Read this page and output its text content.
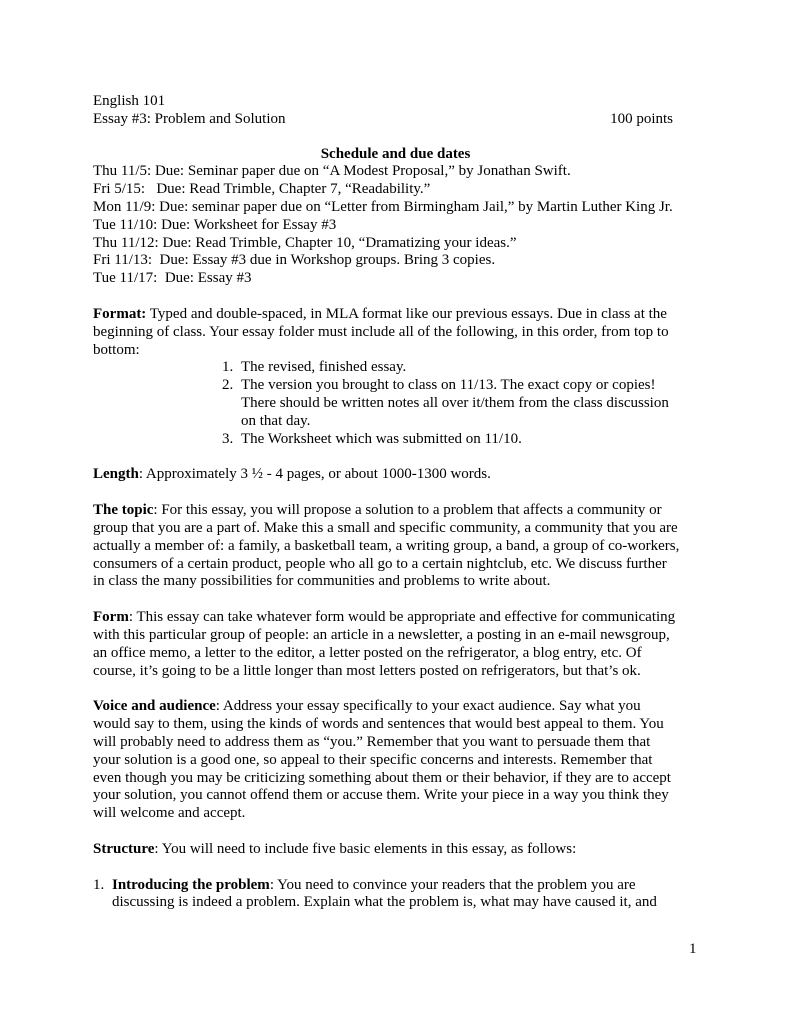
English 101
Essay #3: Problem and Solution	100 points
Schedule and due dates
Thu 11/5: Due: Seminar paper due on “A Modest Proposal,” by Jonathan Swift.
Fri 5/15:   Due: Read Trimble, Chapter 7, “Readability.”
Mon 11/9: Due: seminar paper due on “Letter from Birmingham Jail,” by Martin Luther King Jr.
Tue 11/10: Due: Worksheet for Essay #3
Thu 11/12: Due: Read Trimble, Chapter 10, “Dramatizing your ideas.”
Fri 11/13:  Due: Essay #3 due in Workshop groups. Bring 3 copies.
Tue 11/17:  Due: Essay #3
Format: Typed and double-spaced, in MLA format like our previous essays. Due in class at the
beginning of class. Your essay folder must include all of the following, in this order, from top to
bottom:
1. The revised, finished essay.
2. The version you brought to class on 11/13. The exact copy or copies!
There should be written notes all over it/them from the class discussion
on that day.
3. The Worksheet which was submitted on 11/10.
Length: Approximately 3 ½ - 4 pages, or about 1000-1300 words.
The topic: For this essay, you will propose a solution to a problem that affects a community or
group that you are a part of. Make this a small and specific community, a community that you are
actually a member of: a family, a basketball team, a writing group, a band, a group of co-workers,
consumers of a certain product, people who all go to a certain nightclub, etc. We discuss further
in class the many possibilities for communities and problems to write about.
Form: This essay can take whatever form would be appropriate and effective for communicating
with this particular group of people: an article in a newsletter, a posting in an e-mail newsgroup,
an office memo, a letter to the editor, a letter posted on the refrigerator, a blog entry, etc. Of
course, it’s going to be a little longer than most letters posted on refrigerators, but that’s ok.
Voice and audience: Address your essay specifically to your exact audience. Say what you
would say to them, using the kinds of words and sentences that would best appeal to them. You
will probably need to address them as “you.” Remember that you want to persuade them that
your solution is a good one, so appeal to their specific concerns and interests. Remember that
even though you may be criticizing something about them or their behavior, if they are to accept
your solution, you cannot offend them or accuse them. Write your piece in a way you think they
will welcome and accept.
Structure: You will need to include five basic elements in this essay, as follows:
1. Introducing the problem: You need to convince your readers that the problem you are
discussing is indeed a problem. Explain what the problem is, what may have caused it, and
1
